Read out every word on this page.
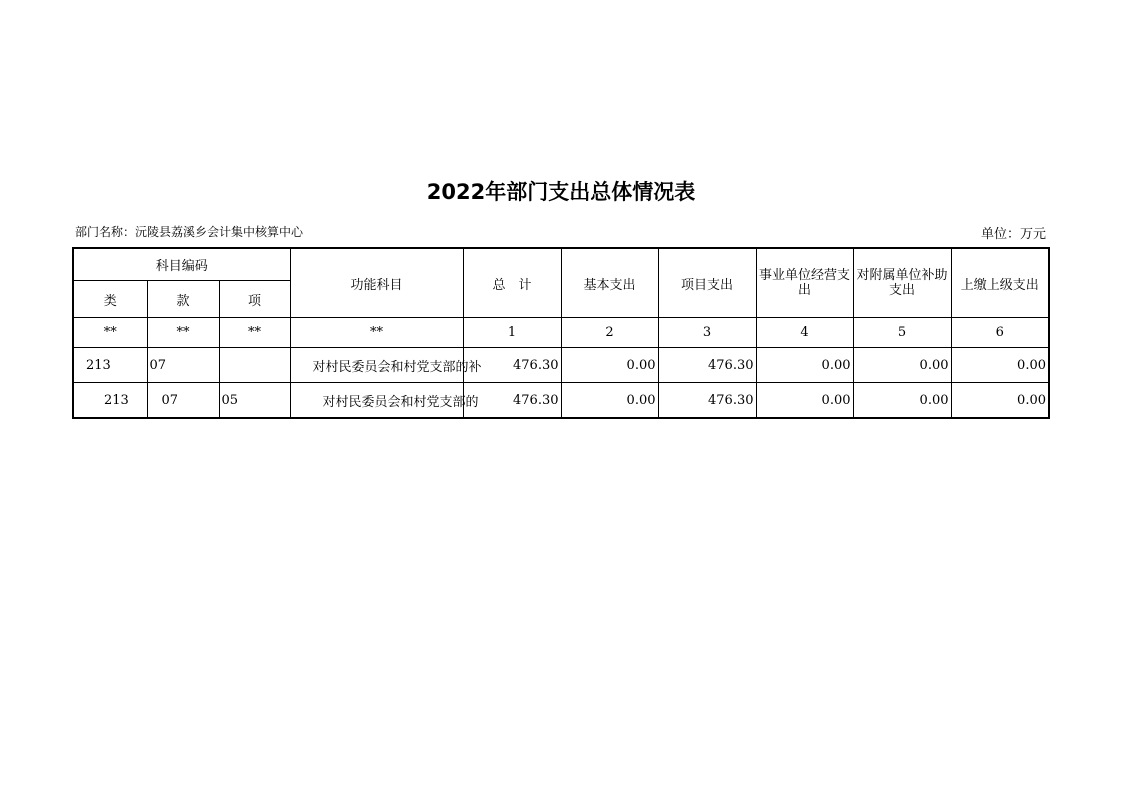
2022年部门支出总体情况表
部门名称：沅陵县荔溪乡会计集中核算中心	单位：万元
科目编码			功能科目	总　计	基本支出	项目支出	事业单位经营支出	对附属单位补助支出	上缴上级支出
类	款	项							
**	**	**	**	1	2	3	4	5	6
213	07		对村民委员会和村党支部的补	476.30	0.00	476.30	0.00	0.00	0.00
213	07	05	对村民委员会和村党支部的	476.30	0.00	476.30	0.00	0.00	0.00
